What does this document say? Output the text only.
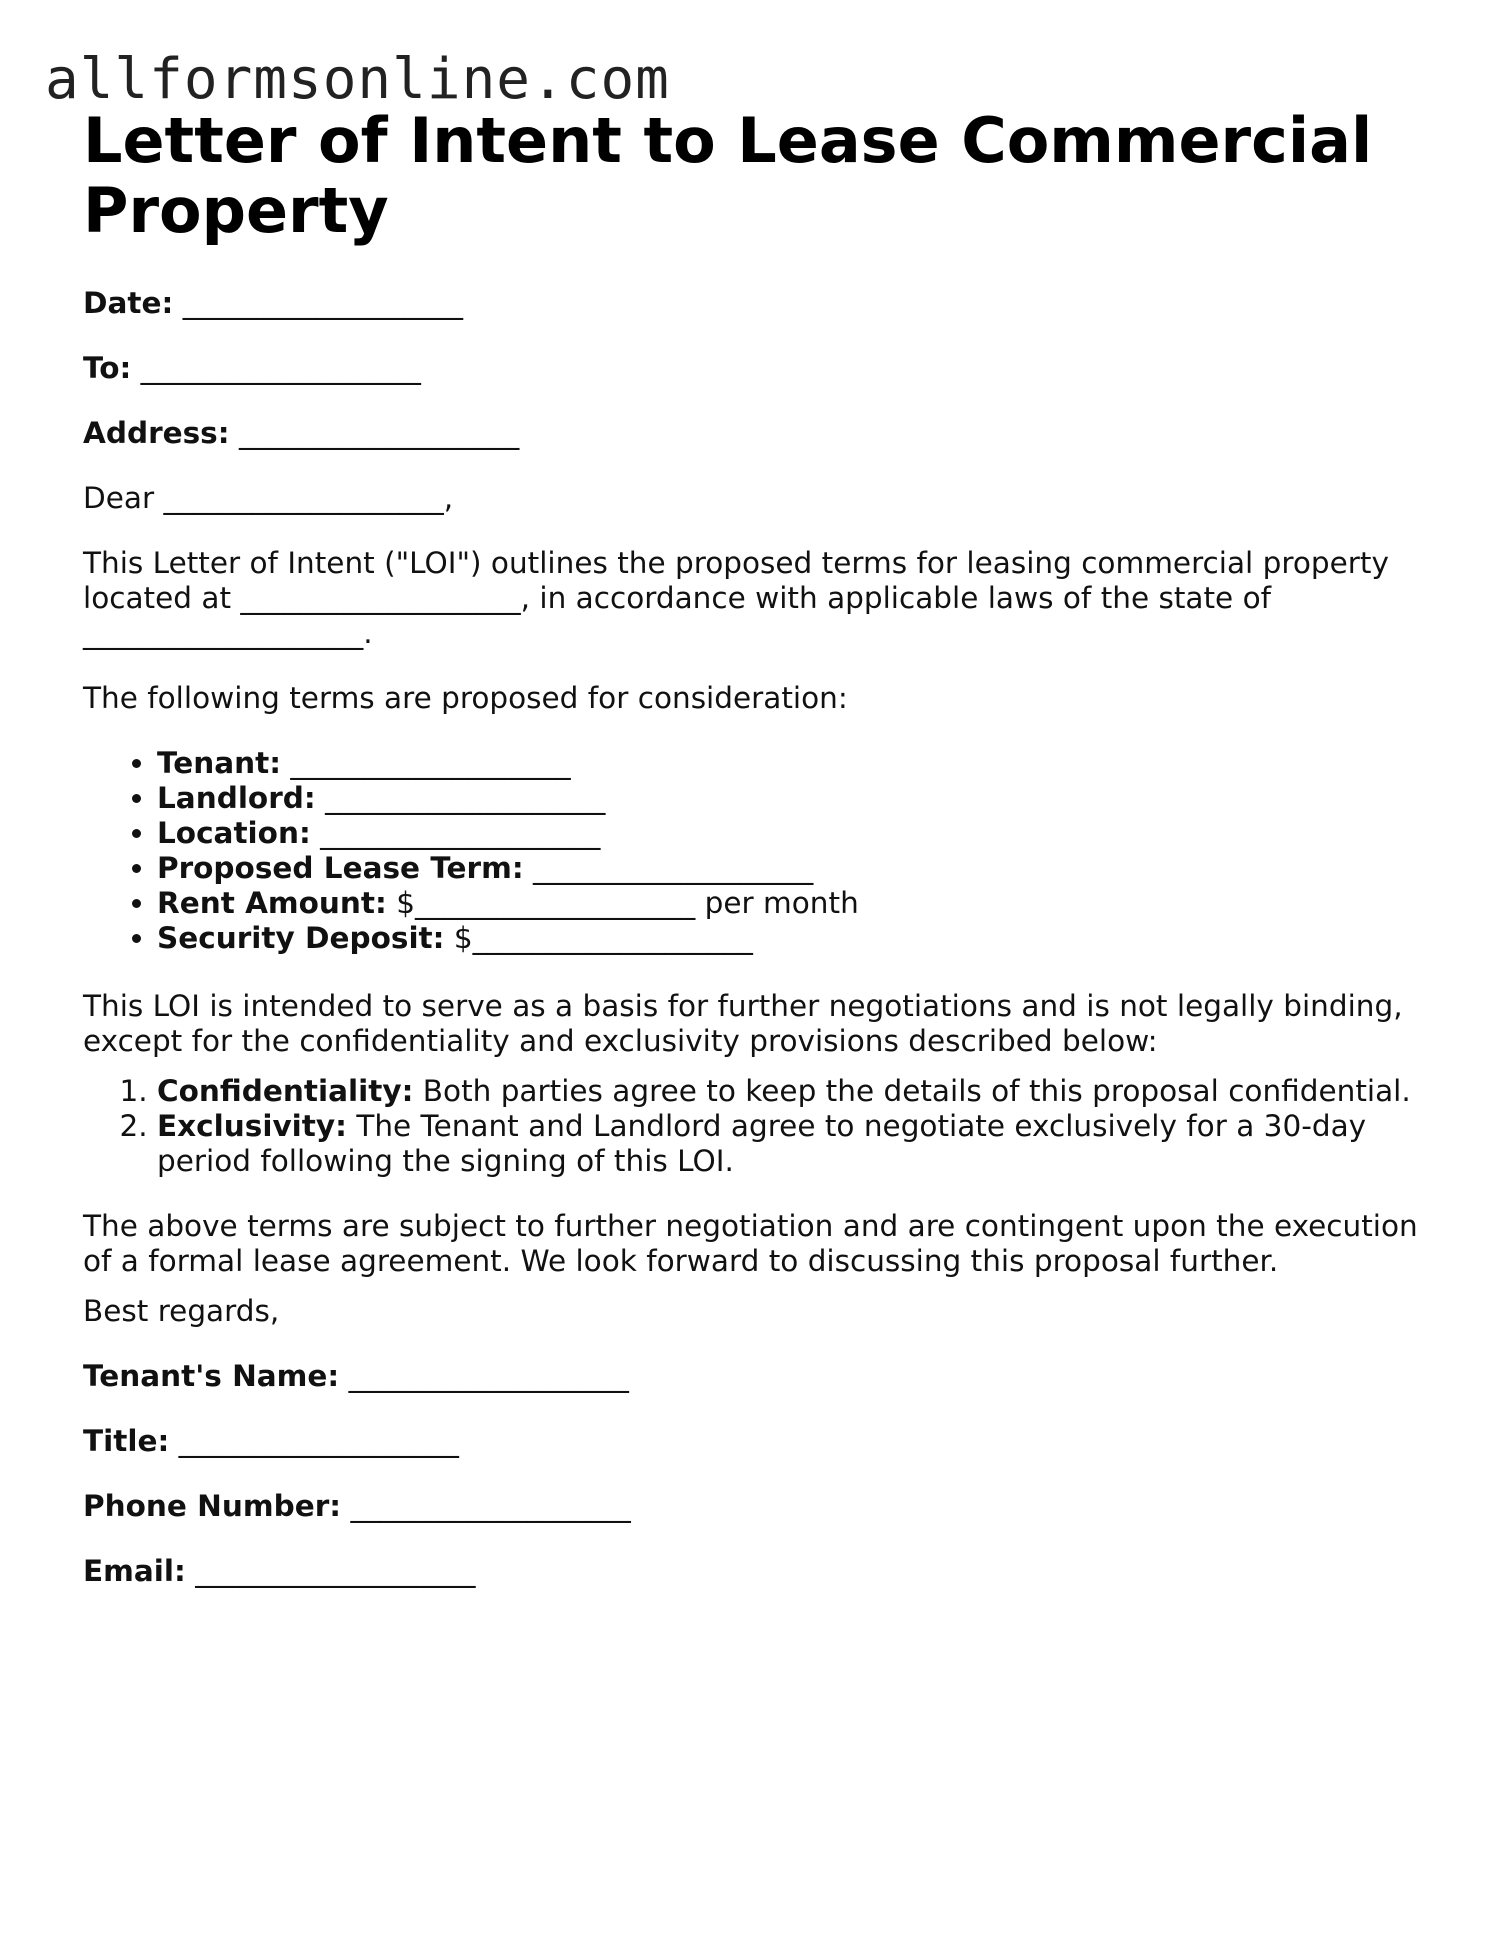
allformsonline.com
Letter of Intent to Lease Commercial Property

Date: ___________________

To: ___________________

Address: ___________________

Dear ___________________,

This Letter of Intent ("LOI") outlines the proposed terms for leasing commercial property located at ___________________, in accordance with applicable laws of the state of ___________________.

The following terms are proposed for consideration:

• Tenant: ___________________
• Landlord: ___________________
• Location: ___________________
• Proposed Lease Term: ___________________
• Rent Amount: $___________________ per month
• Security Deposit: $___________________

This LOI is intended to serve as a basis for further negotiations and is not legally binding, except for the confidentiality and exclusivity provisions described below:

1. Confidentiality: Both parties agree to keep the details of this proposal confidential.
2. Exclusivity: The Tenant and Landlord agree to negotiate exclusively for a 30-day period following the signing of this LOI.

The above terms are subject to further negotiation and are contingent upon the execution of a formal lease agreement. We look forward to discussing this proposal further.

Best regards,

Tenant's Name: ___________________

Title: ___________________

Phone Number: ___________________

Email: ___________________
